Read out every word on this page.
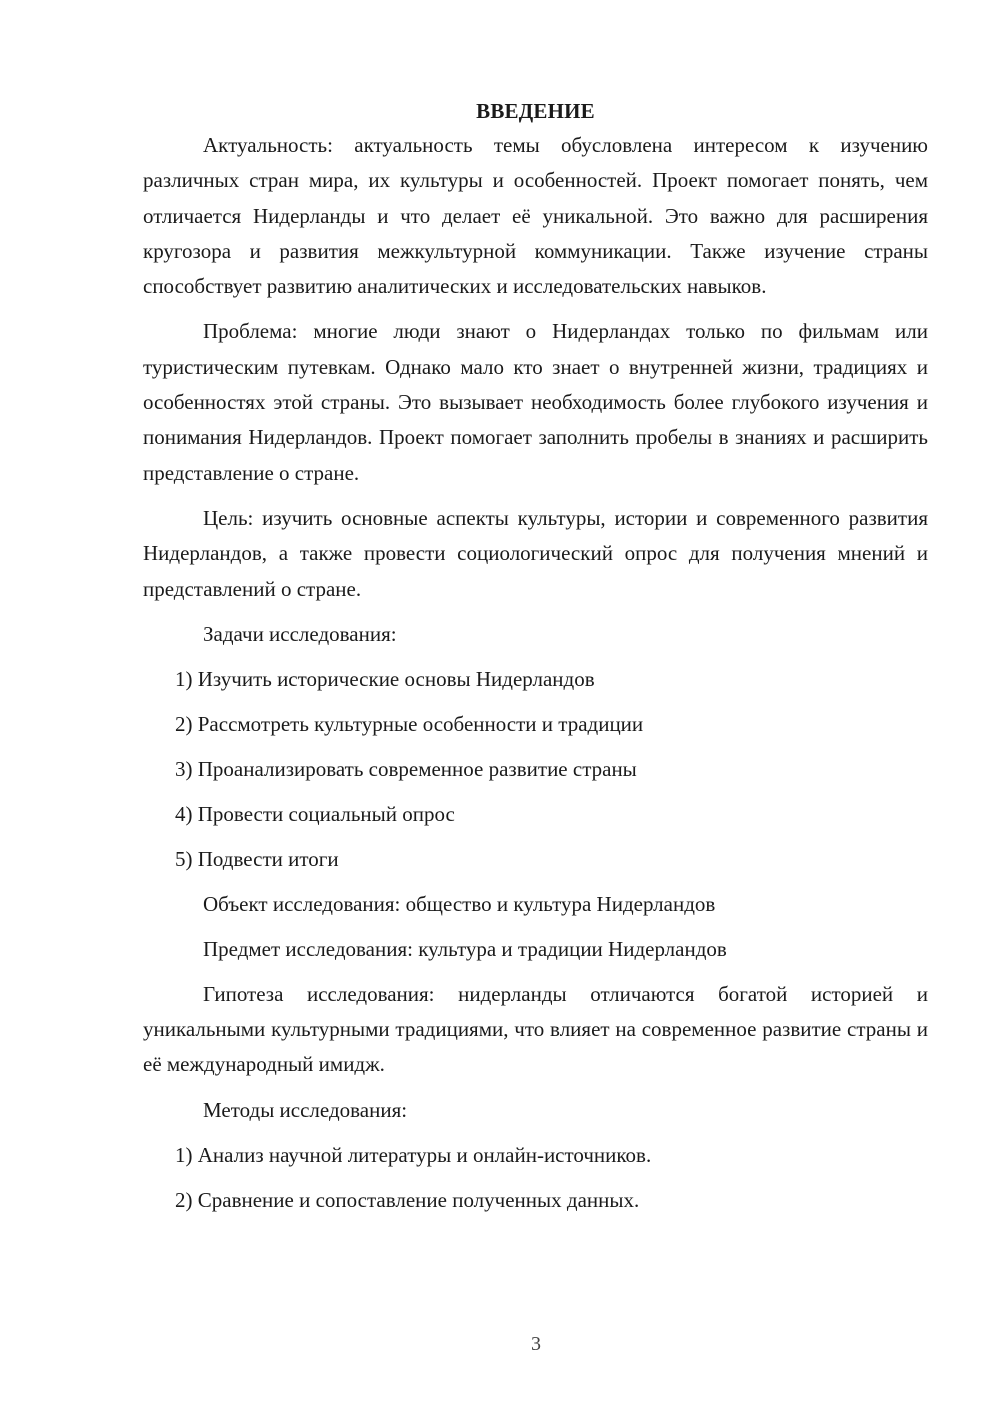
ВВЕДЕНИЕ

Актуальность: актуальность темы обусловлена интересом к изучению различных стран мира, их культуры и особенностей. Проект помогает понять, чем отличается Нидерланды и что делает её уникальной. Это важно для расширения кругозора и развития межкультурной коммуникации. Также изучение страны способствует развитию аналитических и исследовательских навыков.

Проблема: многие люди знают о Нидерландах только по фильмам или туристическим путевкам. Однако мало кто знает о внутренней жизни, традициях и особенностях этой страны. Это вызывает необходимость более глубокого изучения и понимания Нидерландов. Проект помогает заполнить пробелы в знаниях и расширить представление о стране.

Цель: изучить основные аспекты культуры, истории и современного развития Нидерландов, а также провести социологический опрос для получения мнений и представлений о стране.

Задачи исследования:
1) Изучить исторические основы Нидерландов
2) Рассмотреть культурные особенности и традиции
3) Проанализировать современное развитие страны
4) Провести социальный опрос
5) Подвести итоги
Объект исследования: общество и культура Нидерландов
Предмет исследования: культура и традиции Нидерландов

Гипотеза исследования: нидерланды отличаются богатой историей и уникальными культурными традициями, что влияет на современное развитие страны и её международный имидж.

Методы исследования:
1) Анализ научной литературы и онлайн-источников.
2) Сравнение и сопоставление полученных данных.
3
